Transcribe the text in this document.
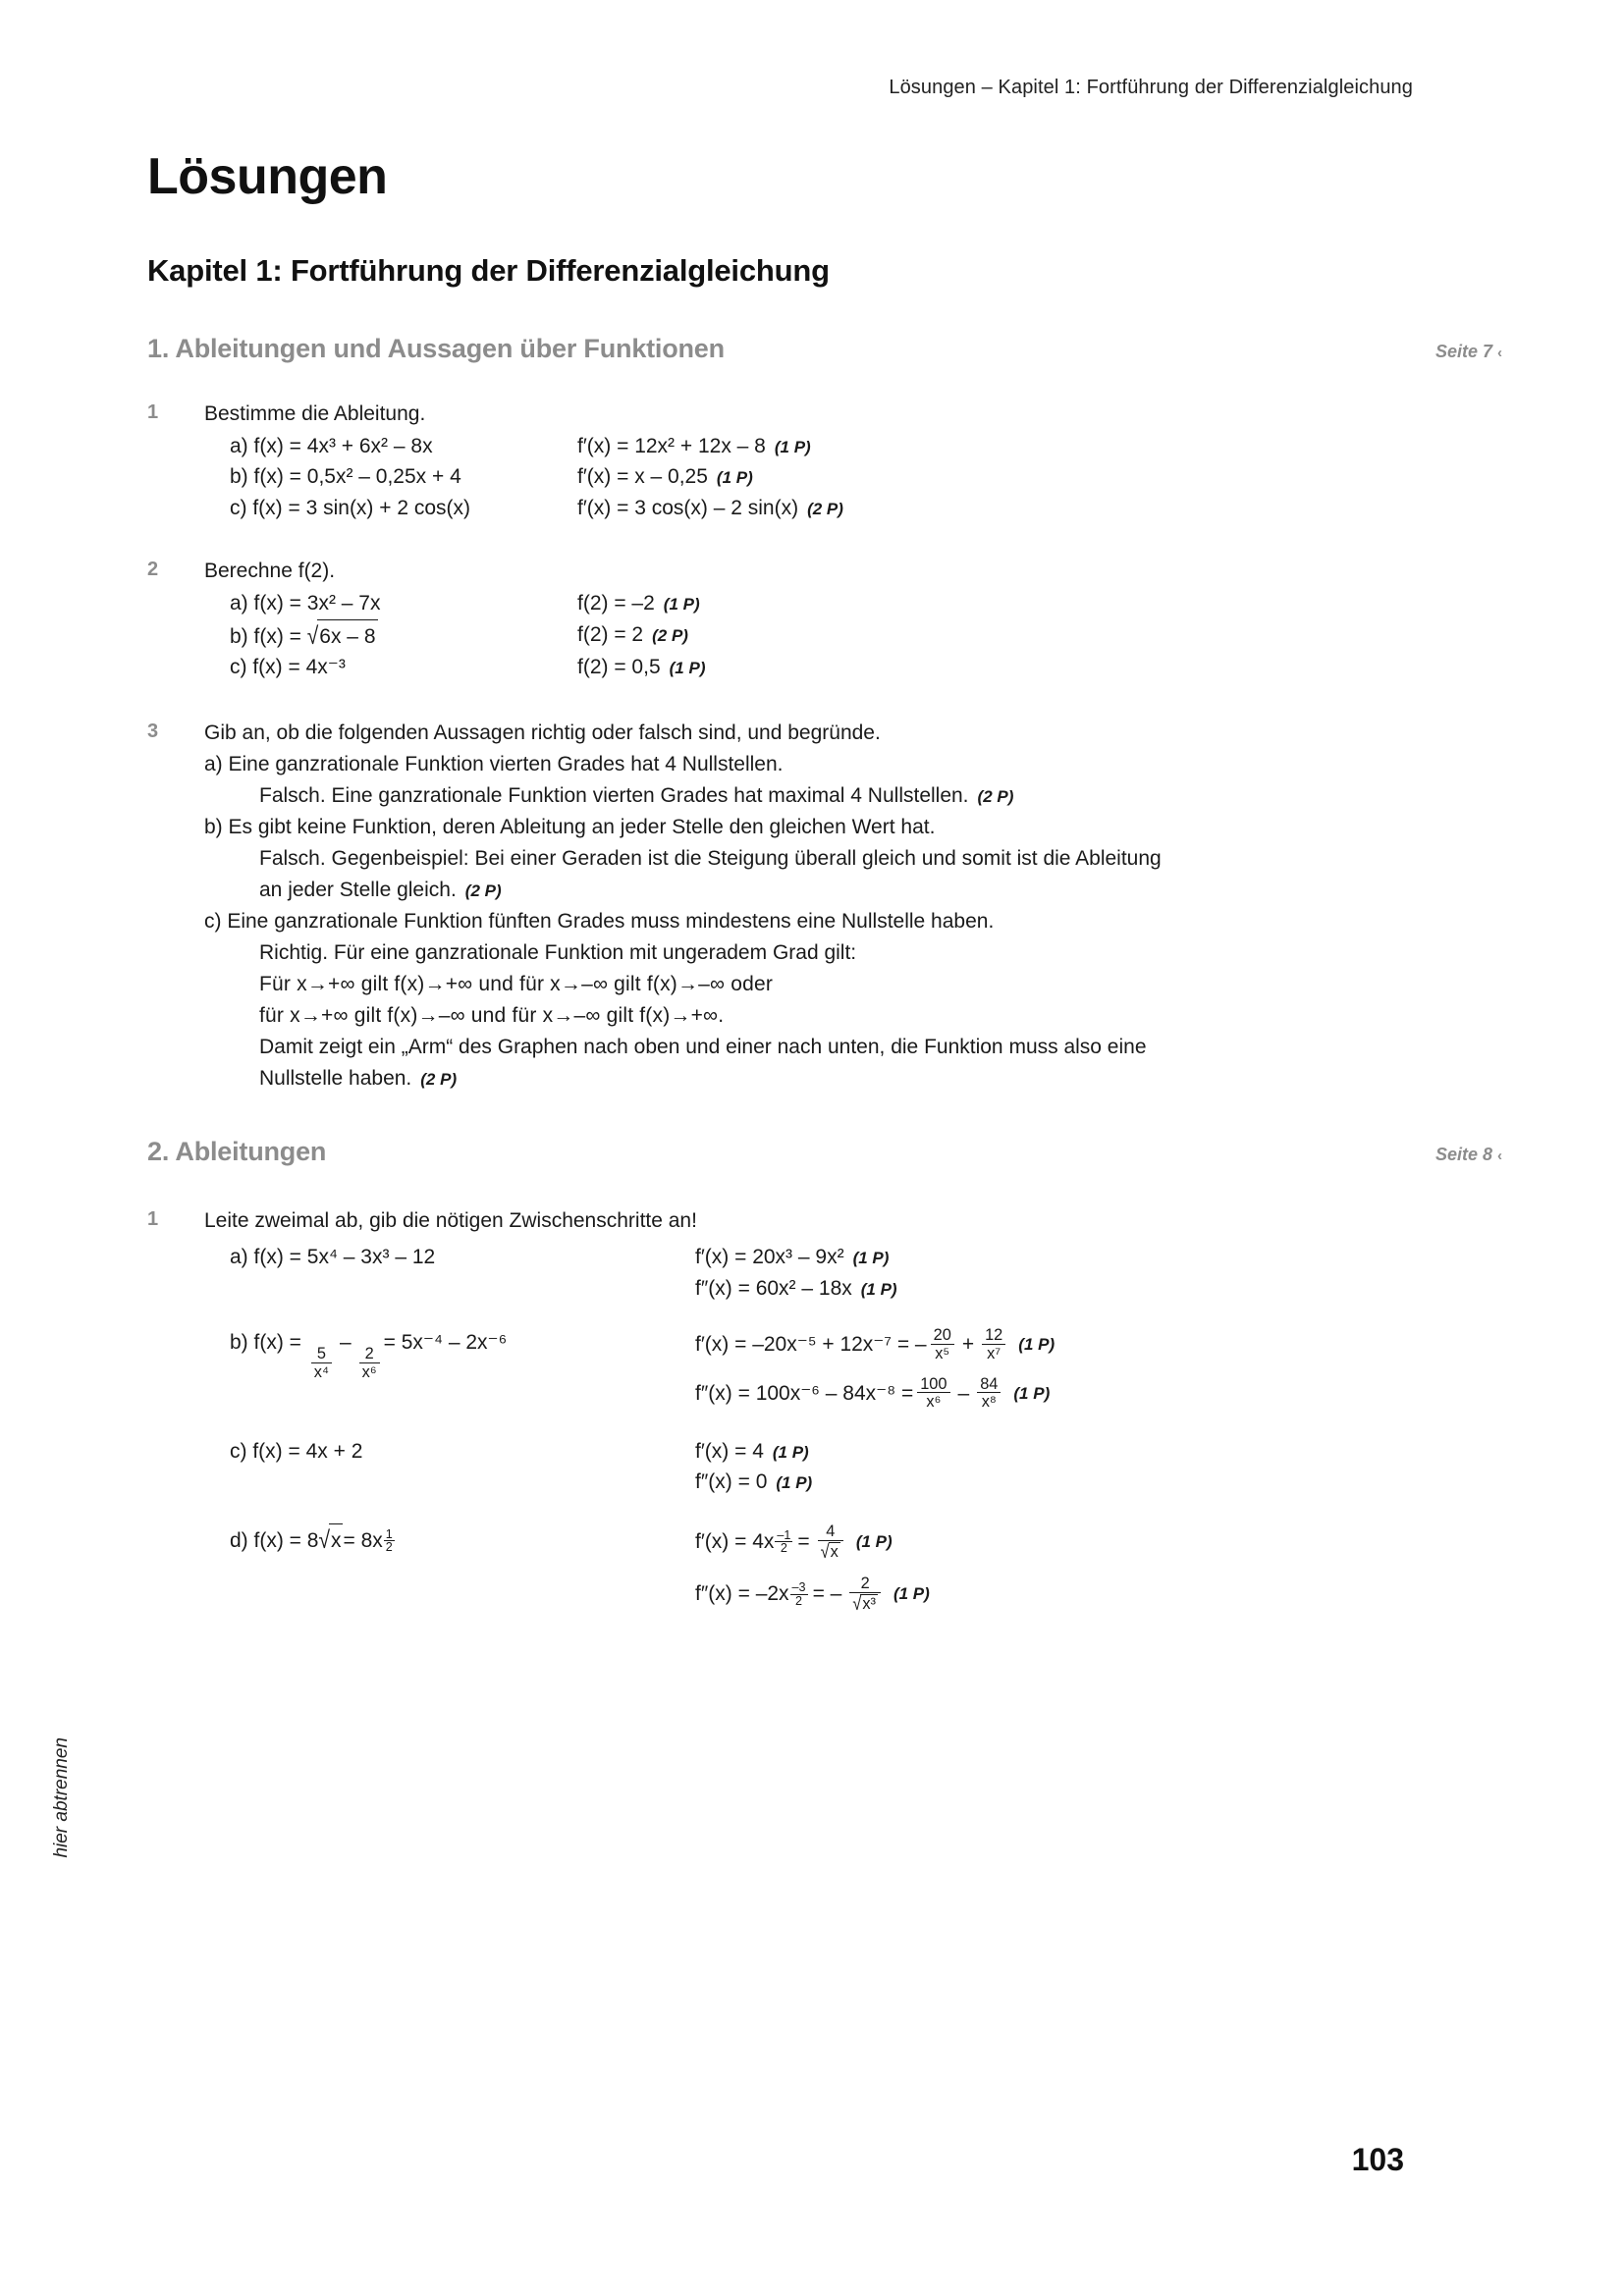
Lösungen – Kapitel 1: Fortführung der Differenzialgleichung
Lösungen
Kapitel 1: Fortführung der Differenzialgleichung
1. Ableitungen und Aussagen über Funktionen	Seite 7 ‹
1	Bestimme die Ableitung.
a) f(x) = 4x³ + 6x² – 8x	f′(x) = 12x² + 12x – 8 (1 P)
b) f(x) = 0,5x² – 0,25x + 4	f′(x) = x – 0,25 (1 P)
c) f(x) = 3 sin(x) + 2 cos(x)	f′(x) = 3 cos(x) – 2 sin(x) (2 P)
2	Berechne f(2).
a) f(x) = 3x² – 7x	f(2) = –2 (1 P)
b) f(x) = √6x – 8	f(2) = 2 (2 P)
c) f(x) = 4x⁻³	f(2) = 0,5 (1 P)
3	Gib an, ob die folgenden Aussagen richtig oder falsch sind, und begründe.
a) Eine ganzrationale Funktion vierten Grades hat 4 Nullstellen.
Falsch. Eine ganzrationale Funktion vierten Grades hat maximal 4 Nullstellen. (2 P)
b) Es gibt keine Funktion, deren Ableitung an jeder Stelle den gleichen Wert hat.
Falsch. Gegenbeispiel: Bei einer Geraden ist die Steigung überall gleich und somit ist die Ableitung
an jeder Stelle gleich. (2 P)
c) Eine ganzrationale Funktion fünften Grades muss mindestens eine Nullstelle haben.
Richtig. Für eine ganzrationale Funktion mit ungeradem Grad gilt:
Für x→+∞ gilt f(x)→+∞ und für x→–∞ gilt f(x)→–∞ oder
für x→+∞ gilt f(x)→–∞ und für x→–∞ gilt f(x)→+∞.
Damit zeigt ein „Arm“ des Graphen nach oben und einer nach unten, die Funktion muss also eine
Nullstelle haben. (2 P)
2. Ableitungen	Seite 8 ‹
1	Leite zweimal ab, gib die nötigen Zwischenschritte an!
a) f(x) = 5x⁴ – 3x³ – 12	f′(x) = 20x³ – 9x² (1 P)
f″(x) = 60x² – 18x (1 P)
b) f(x) =
$\frac{5}{\text{x⁴}}$
–
$\frac{2}{\text{x⁶}}$
= 5x⁻⁴ – 2x⁻⁶	f′(x) = –20x⁻⁵ + 12x⁻⁷ = – $\frac{20}{\text{x⁵}} + \frac{12}{\text{x⁷}} (1$ P)
$f''(x) = 100x^{-6} - 84x^{-8} = \frac{100}{\text{x⁶}} - \frac{84}{\text{x⁸}} (1$ P)
c) f(x) = 4x + 2	f′(x) = 4 (1 P)
f″(x) = 0 (1 P)
d) $f(x) = 8√x= 8x \frac{1}{2}$	$f'(x) = 4x \frac{-1}{2} = \frac{4}{√x} (1$ P)
$f''(x) = -2x \frac{-3}{2}$ = – $\frac{2}{\text{√x³}} (1$ P)
hier abtrennen
103
